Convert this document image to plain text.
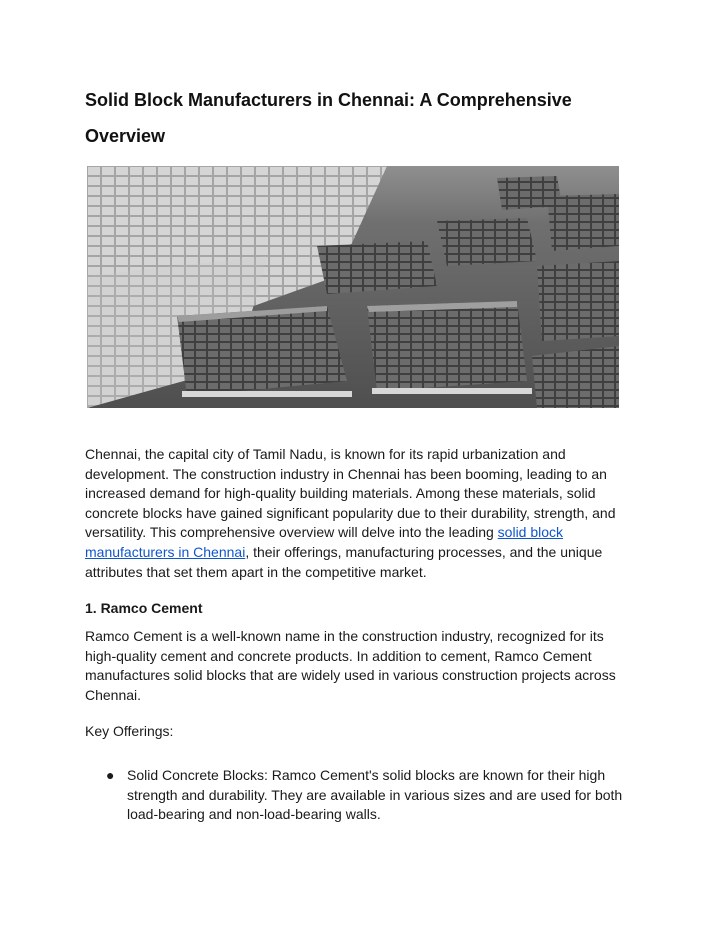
Solid Block Manufacturers in Chennai: A Comprehensive Overview

Chennai, the capital city of Tamil Nadu, is known for its rapid urbanization and development. The construction industry in Chennai has been booming, leading to an increased demand for high-quality building materials. Among these materials, solid concrete blocks have gained significant popularity due to their durability, strength, and versatility. This comprehensive overview will delve into the leading solid block manufacturers in Chennai, their offerings, manufacturing processes, and the unique attributes that set them apart in the competitive market.

1. Ramco Cement

Ramco Cement is a well-known name in the construction industry, recognized for its high-quality cement and concrete products. In addition to cement, Ramco Cement manufactures solid blocks that are widely used in various construction projects across Chennai.

Key Offerings:

● Solid Concrete Blocks: Ramco Cement's solid blocks are known for their high strength and durability. They are available in various sizes and are used for both load-bearing and non-load-bearing walls.
